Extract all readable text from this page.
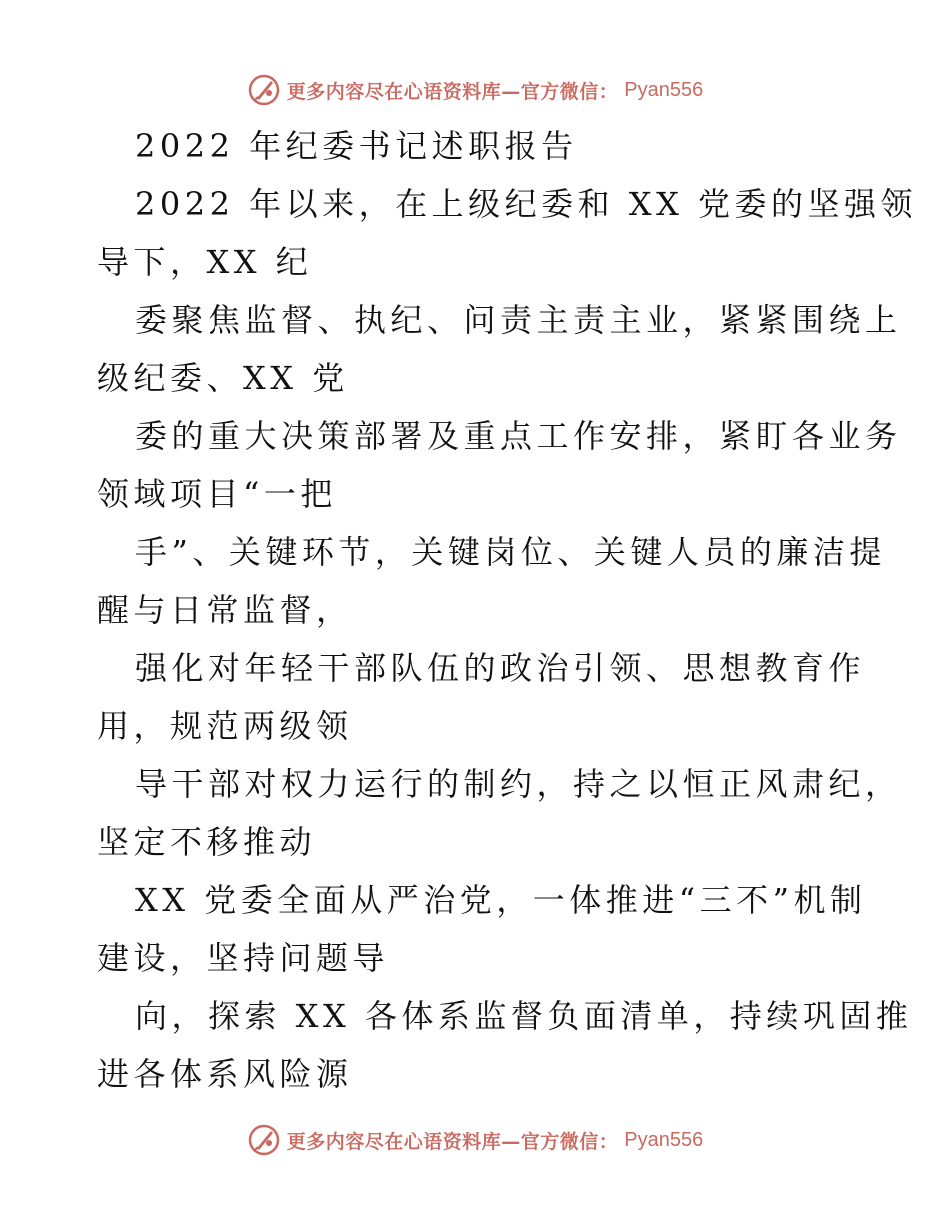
更多内容尽在心语资料库—官方微信： Pyan556
2022 年纪委书记述职报告
2022 年以来，在上级纪委和 XX 党委的坚强领
导下，XX 纪
委聚焦监督、执纪、问责主责主业，紧紧围绕上
级纪委、XX 党
委的重大决策部署及重点工作安排，紧盯各业务
领域项目“一把
手”、关键环节，关键岗位、关键人员的廉洁提
醒与日常监督，
强化对年轻干部队伍的政治引领、思想教育作
用，规范两级领
导干部对权力运行的制约，持之以恒正风肃纪，
坚定不移推动
XX 党委全面从严治党，一体推进“三不”机制
建设，坚持问题导
向，探索 XX 各体系监督负面清单，持续巩固推
进各体系风险源
更多内容尽在心语资料库—官方微信： Pyan556
